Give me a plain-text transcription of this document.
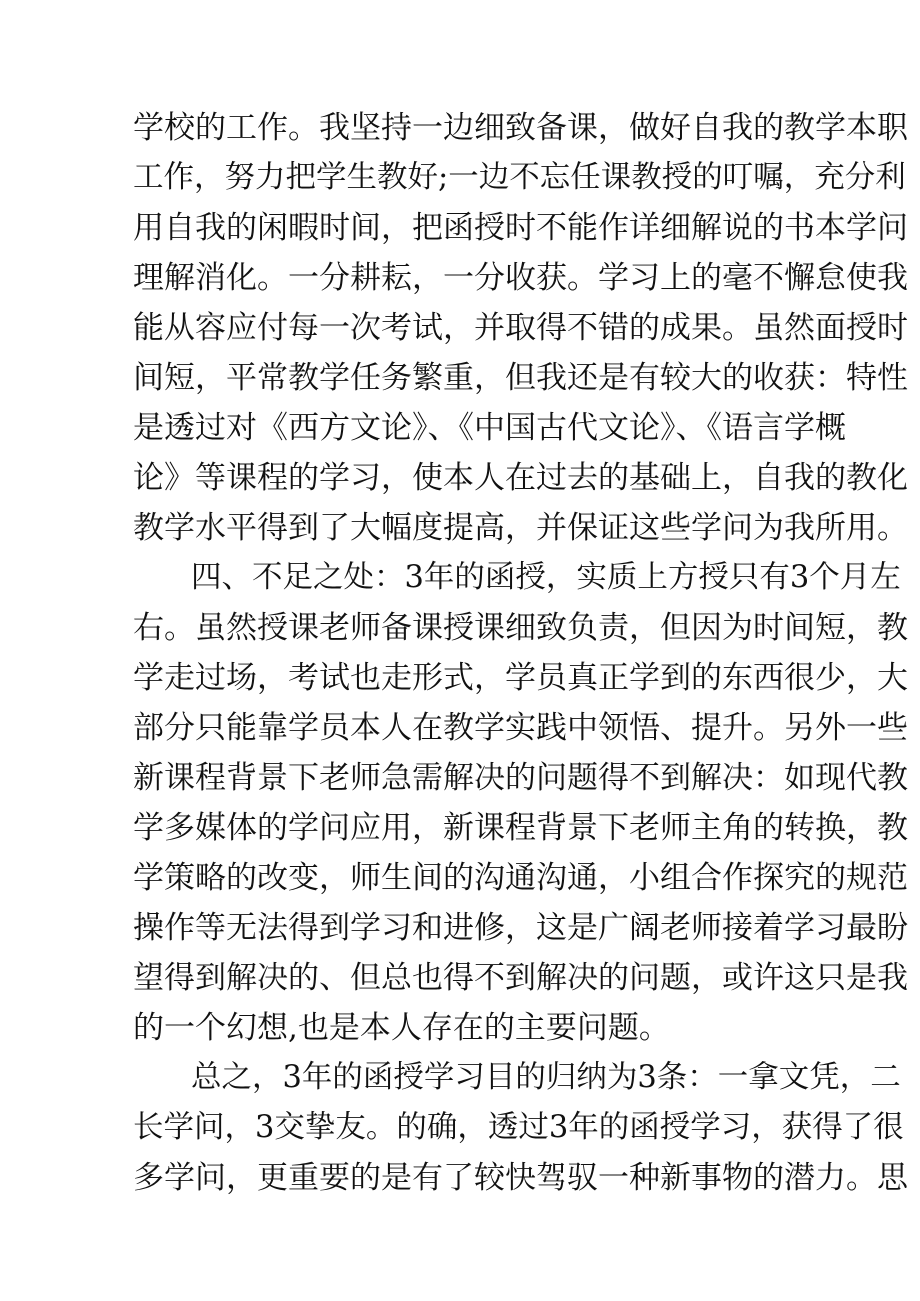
学校的工作。我坚持一边细致备课，做好自我的教学本职
工作，努力把学生教好;一边不忘任课教授的叮嘱，充分利
用自我的闲暇时间，把函授时不能作详细解说的书本学问
理解消化。一分耕耘，一分收获。学习上的毫不懈怠使我
能从容应付每一次考试，并取得不错的成果。虽然面授时
间短，平常教学任务繁重，但我还是有较大的收获：特性
是透过对《西方文论》、《中国古代文论》、《语言学概
论》等课程的学习，使本人在过去的基础上，自我的教化
教学水平得到了大幅度提高，并保证这些学问为我所用。
四、不足之处：3年的函授，实质上方授只有3个月左
右。虽然授课老师备课授课细致负责，但因为时间短，教
学走过场，考试也走形式，学员真正学到的东西很少，大
部分只能靠学员本人在教学实践中领悟、提升。另外一些
新课程背景下老师急需解决的问题得不到解决：如现代教
学多媒体的学问应用，新课程背景下老师主角的转换，教
学策略的改变，师生间的沟通沟通，小组合作探究的规范
操作等无法得到学习和进修，这是广阔老师接着学习最盼
望得到解决的、但总也得不到解决的问题，或许这只是我
的一个幻想,也是本人存在的主要问题。
总之，3年的函授学习目的归纳为3条：一拿文凭，二
长学问，3交挚友。的确，透过3年的函授学习，获得了很
多学问，更重要的是有了较快驾驭一种新事物的潜力。思
